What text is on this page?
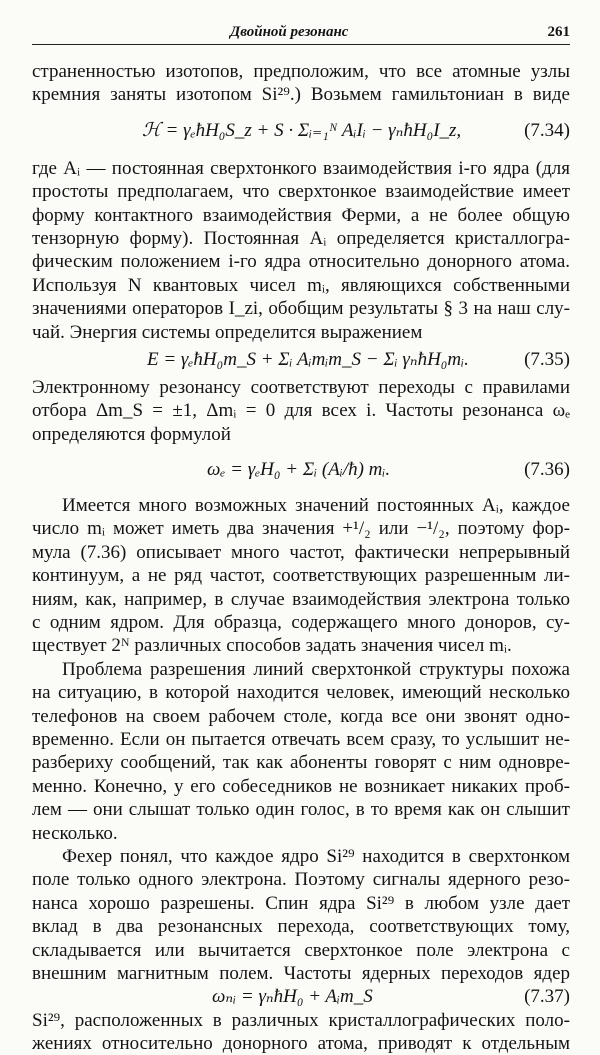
Двойной резонанс	261
страненностью изотопов, предположим, что все атомные узлы
кремния заняты изотопом Si²⁹.) Возьмем гамильтониан в виде
ℋ = γₑħH₀S_z + S · Σᵢ₌₁ᴺ AᵢIᵢ − γₙħH₀I_z,	(7.34)
где Aᵢ — постоянная сверхтонкого взаимодействия i-го ядра (для
простоты предполагаем, что сверхтонкое взаимодействие имеет
форму контактного взаимодействия Ферми, а не более общую
тензорную форму). Постоянная Aᵢ определяется кристаллогра-
фическим положением i-го ядра относительно донорного атома.
Используя N квантовых чисел mᵢ, являющихся собственными
значениями операторов I_zi, обобщим результаты § 3 на наш слу-
чай. Энергия системы определится выражением
E = γₑħH₀m_S + Σᵢ Aᵢmᵢm_S − Σᵢ γₙħH₀mᵢ.	(7.35)
Электронному резонансу соответствуют переходы с правилами
отбора Δm_S = ±1, Δmᵢ = 0 для всех i. Частоты резонанса ωₑ
определяются формулой
ωₑ = γₑH₀ + Σᵢ (Aᵢ/ħ) mᵢ.	(7.36)
Имеется много возможных значений постоянных Aᵢ, каждое
число mᵢ может иметь два значения +¹/₂ или −¹/₂, поэтому фор-
мула (7.36) описывает много частот, фактически непрерывный
континуум, а не ряд частот, соответствующих разрешенным ли-
ниям, как, например, в случае взаимодействия электрона только
с одним ядром. Для образца, содержащего много доноров, су-
ществует 2ᴺ различных способов задать значения чисел mᵢ.
Проблема разрешения линий сверхтонкой структуры похожа
на ситуацию, в которой находится человек, имеющий несколько
телефонов на своем рабочем столе, когда все они звонят одно-
временно. Если он пытается отвечать всем сразу, то услышит не-
разбериху сообщений, так как абоненты говорят с ним одновре-
менно. Конечно, у его собеседников не возникает никаких проб-
лем — они слышат только один голос, в то время как он слышит
несколько.
Фехер понял, что каждое ядро Si²⁹ находится в сверхтонком
поле только одного электрона. Поэтому сигналы ядерного резо-
нанса хорошо разрешены. Спин ядра Si²⁹ в любом узле дает
вклад в два резонансных перехода, соответствующих тому,
складывается или вычитается сверхтонкое поле электрона с
внешним магнитным полем. Частоты ядерных переходов ядер
ωₙᵢ = γₙħH₀ + Aᵢm_S	(7.37)
Si²⁹, расположенных в различных кристаллографических поло-
жениях относительно донорного атома, приводят к отдельным
